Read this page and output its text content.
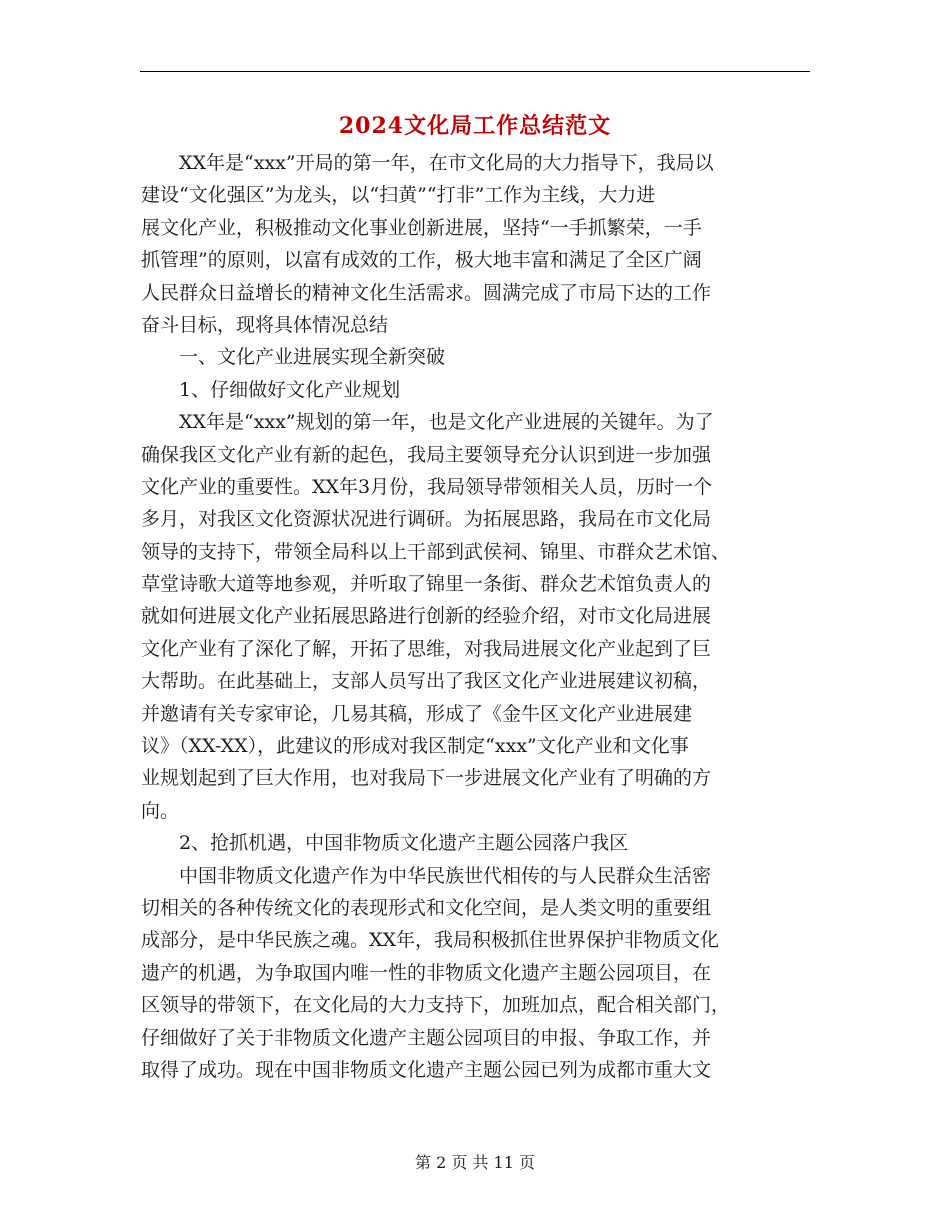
2024文化局工作总结范文
XX年是“xxx”开局的第一年，在市文化局的大力指导下，我局以
建设“文化强区”为龙头，以“扫黄”“打非”工作为主线，大力进
展文化产业，积极推动文化事业创新进展，坚持“一手抓繁荣，一手
抓管理”的原则，以富有成效的工作，极大地丰富和满足了全区广阔
人民群众日益增长的精神文化生活需求。圆满完成了市局下达的工作
奋斗目标，现将具体情况总结
一、文化产业进展实现全新突破
1、仔细做好文化产业规划
XX年是“xxx”规划的第一年，也是文化产业进展的关键年。为了
确保我区文化产业有新的起色，我局主要领导充分认识到进一步加强
文化产业的重要性。XX年3月份，我局领导带领相关人员，历时一个
多月，对我区文化资源状况进行调研。为拓展思路，我局在市文化局
领导的支持下，带领全局科以上干部到武侯祠、锦里、市群众艺术馆、
草堂诗歌大道等地参观，并听取了锦里一条街、群众艺术馆负责人的
就如何进展文化产业拓展思路进行创新的经验介绍，对市文化局进展
文化产业有了深化了解，开拓了思维，对我局进展文化产业起到了巨
大帮助。在此基础上，支部人员写出了我区文化产业进展建议初稿，
并邀请有关专家审论，几易其稿，形成了《金牛区文化产业进展建
议》（XX-XX），此建议的形成对我区制定“xxx”文化产业和文化事
业规划起到了巨大作用，也对我局下一步进展文化产业有了明确的方
向。
2、抢抓机遇，中国非物质文化遗产主题公园落户我区
中国非物质文化遗产作为中华民族世代相传的与人民群众生活密
切相关的各种传统文化的表现形式和文化空间，是人类文明的重要组
成部分，是中华民族之魂。XX年，我局积极抓住世界保护非物质文化
遗产的机遇，为争取国内唯一性的非物质文化遗产主题公园项目，在
区领导的带领下，在文化局的大力支持下，加班加点，配合相关部门，
仔细做好了关于非物质文化遗产主题公园项目的申报、争取工作，并
取得了成功。现在中国非物质文化遗产主题公园已列为成都市重大文
第 2 页 共 11 页
